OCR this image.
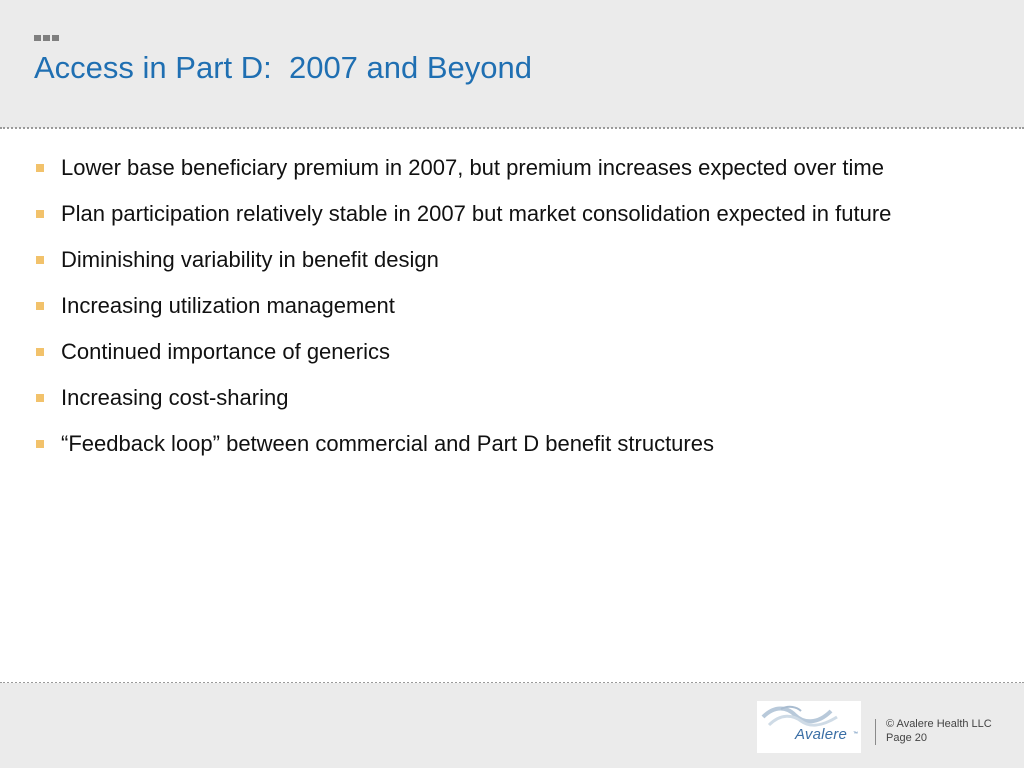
Access in Part D:  2007 and Beyond
Lower base beneficiary premium in 2007, but premium increases expected over time
Plan participation relatively stable in 2007 but market consolidation expected in future
Diminishing variability in benefit design
Increasing utilization management
Continued importance of generics
Increasing cost-sharing
“Feedback loop” between commercial and Part D benefit structures
Avalere ™
© Avalere Health LLC
Page 20
